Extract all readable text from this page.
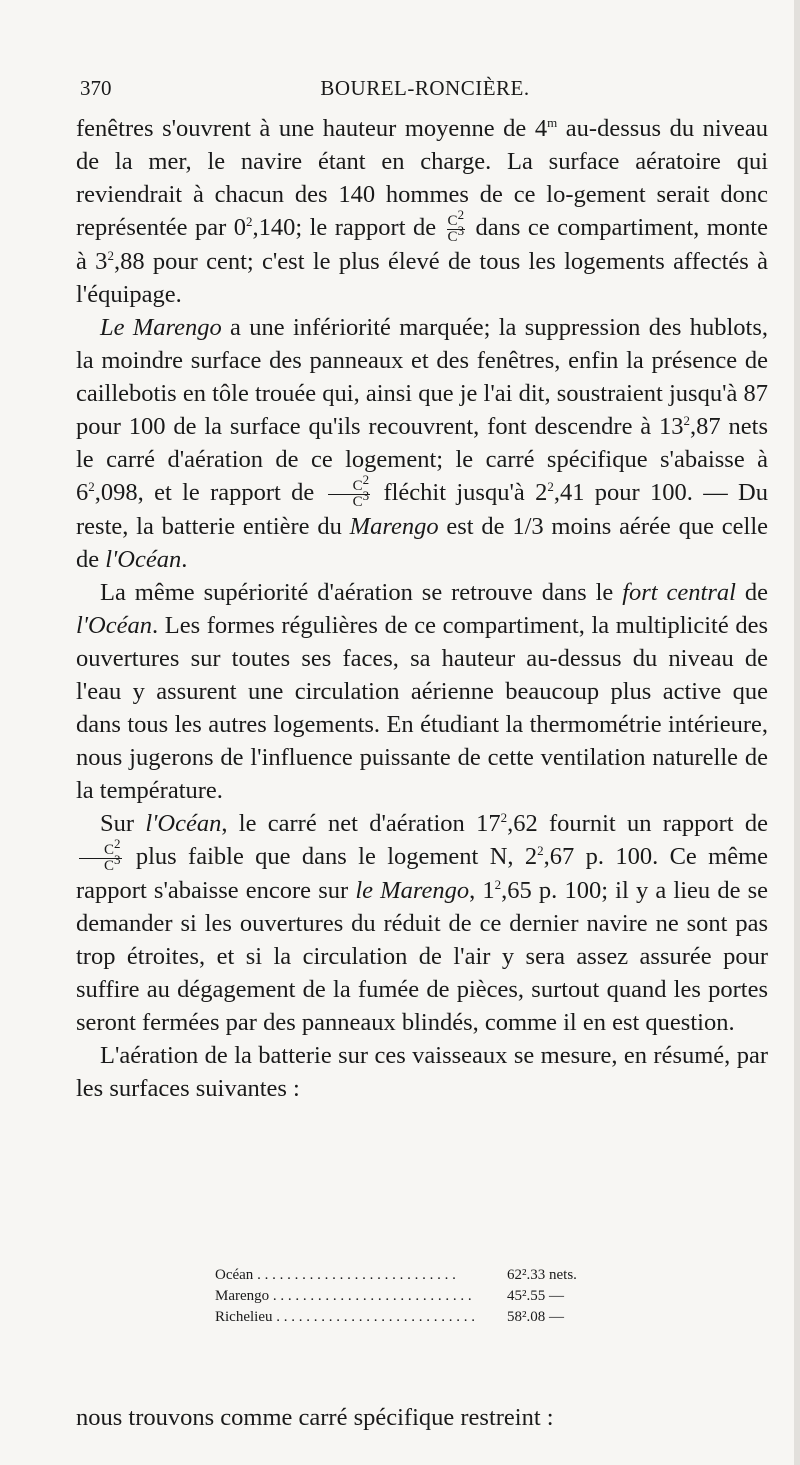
370	BOUREL-RONCIÈRE.

fenêtres s'ouvrent à une hauteur moyenne de 4$^m$ au-dessus du niveau de la mer, le navire étant en charge. La surface aératoire qui reviendrait à chacun des 140 hommes de ce lo-gement serait donc représentée par $0^2,140$; le rapport de $\frac{C^2}{C^3}$ dans ce compartiment, monte à $3^2,88$ pour cent; c'est le plus élevé de tous les logements affectés à l'équipage.

Le Marengo a une infériorité marquée; la suppression des hublots, la moindre surface des panneaux et des fenêtres, enfin la présence de caillebotis en tôle trouée qui, ainsi que je l'ai dit, soustraient jusqu'à 87 pour 100 de la surface qu'ils recouvrent, font descendre à $13^2,87$ nets le carré d'aération de ce logement; le carré spécifique s'abaisse à $6^2,098$, et le rapport de $\frac{C^2}{C^3}$ fléchit jusqu'à $2^2,41$ pour 100. — Du reste, la batterie entière du Marengo est de 1/3 moins aérée que celle de l'Océan.

La même supériorité d'aération se retrouve dans le fort central de l'Océan. Les formes régulières de ce compartiment, la multiplicité des ouvertures sur toutes ses faces, sa hauteur au-dessus du niveau de l'eau y assurent une circulation aérienne beaucoup plus active que dans tous les autres logements. En étudiant la thermométrie intérieure, nous jugerons de l'influence puissante de cette ventilation naturelle de la température.

Sur l'Océan, le carré net d'aération $17^2,62$ fournit un rapport de
$\frac{C^2}{C^3}$ plus faible que dans le logement N, $2^2,67$ p. 100. Ce même rapport s'abaisse encore sur le Marengo, $1^2,65$ p. 100; il y a lieu de se demander si les ouvertures du réduit de ce dernier navire ne sont pas trop étroites, et si la circulation de l'air y sera assez assurée pour suffire au dégagement de la fumée de pièces, surtout quand les portes seront fermées par des panneaux blindés, comme il en est question.

L'aération de la batterie sur ces vaisseaux se mesure, en résumé, par les surfaces suivantes :

Océan . . .	62².33 nets.
Marengo . . .	45².55 —
Richelieu . . .	58².08 —
nous trouvons comme carré spécifique restreint :
